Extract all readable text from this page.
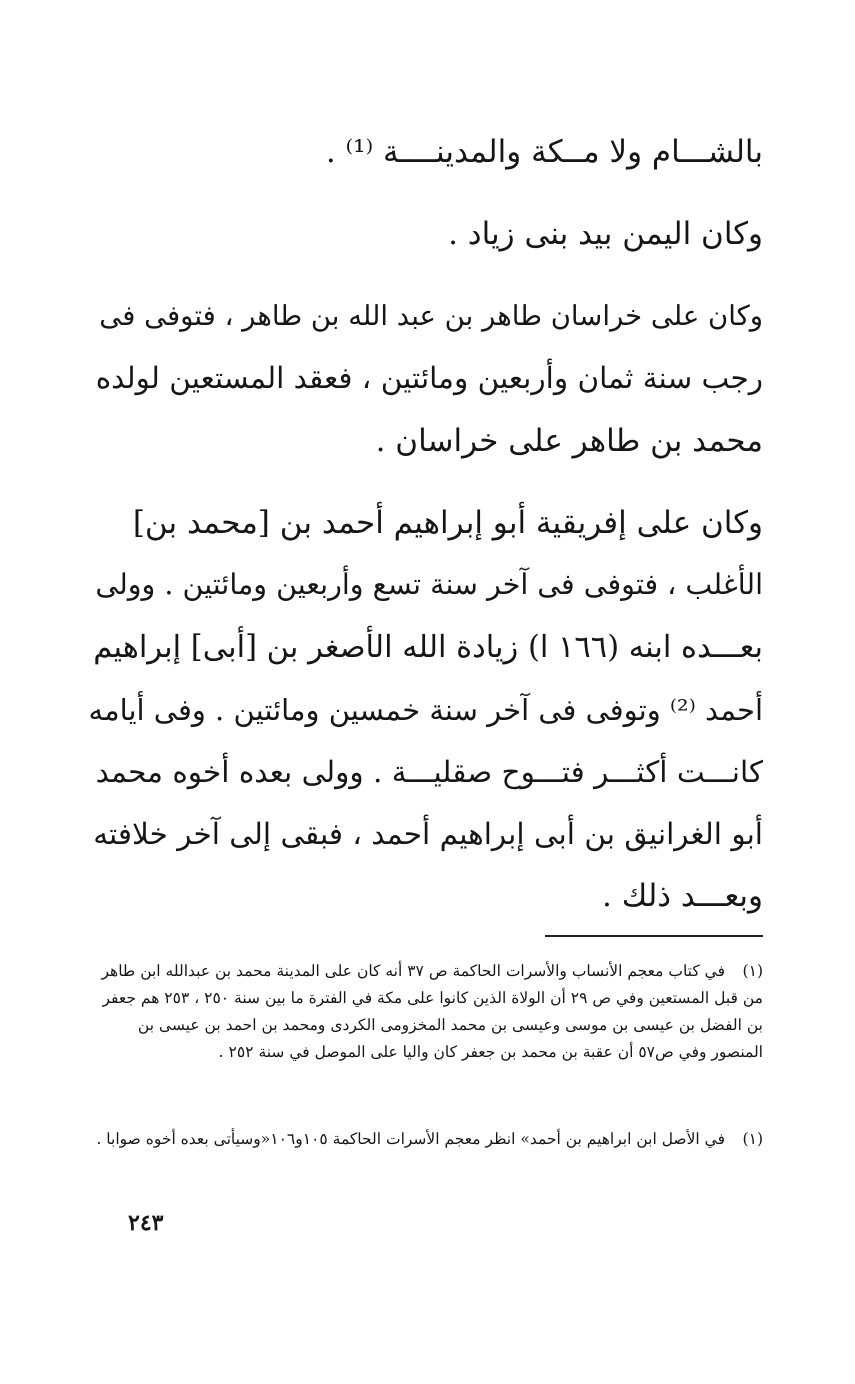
بالشـــام ولا مــكة والمدينــــة ⁽¹⁾ .

وكان اليمن بيد بنى زياد .

وكان على خراسان طاهر بن عبد الله بن طاهر ، فتوفى فى

رجب سنة ثمان وأربعين ومائتين ، فعقد المستعين لولده

محمد بن طاهر على خراسان .

وكان على إفريقية أبو إبراهيم أحمد بن [محمد بن]

الأغلب ، فتوفى فى آخر سنة تسع وأربعين ومائتين . وولى

بعـــده ابنه (١٦٦ ا) زيادة الله الأصغر بن [أبى] إبراهيم

أحمد ⁽²⁾ وتوفى فى آخر سنة خمسين ومائتين . وفى أيامه

كانـــت أكثـــر فتـــوح صقليـــة . وولى بعده أخوه محمد

أبو الغرانيق بن أبى إبراهيم أحمد ، فبقى إلى آخر خلافته

وبعـــد ذلك .

(١)في كتاب معجم الأنساب والأسرات الحاكمة ص ٣٧ أنه كان على المدينة محمد بن عبدالله ابن طاهر من قبل المستعين وفي ص ٢٩ أن الولاة الذين كانوا على مكة في الفترة ما بين سنة ٢٥٠ ، ٢٥٣ هم جعفر بن الفضل بن عيسى بن موسى وعيسى بن محمد المخزومى الكردى ومحمد بن احمد بن عيسى بن المنصور وفي ص٥٧ أن عقبة بن محمد بن جعفر كان واليا على الموصل في سنة ٢٥٢ .

(١)في الأصل ابن ابراهيم بن أحمد» انظر معجم الأسرات الحاكمة ١٠٥و١٠٦«وسيأتى بعده أخوه صوابا .

٢٤٣
